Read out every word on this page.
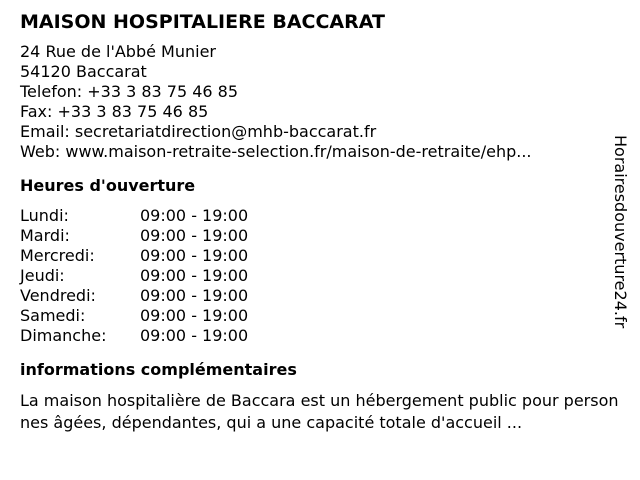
MAISON HOSPITALIERE BACCARAT
24 Rue de l'Abbé Munier
54120 Baccarat
Telefon: +33 3 83 75 46 85
Fax: +33 3 83 75 46 85
Email: secretariatdirection@mhb-baccarat.fr
Web: www.maison-retraite-selection.fr/maison-de-retraite/ehp...
Heures d'ouverture
Lundi:	09:00 - 19:00
Mardi:	09:00 - 19:00
Mercredi:	09:00 - 19:00
Jeudi:	09:00 - 19:00
Vendredi:	09:00 - 19:00
Samedi:	09:00 - 19:00
Dimanche:	09:00 - 19:00
informations complémentaires
La maison hospitalière de Baccara est un hébergement public pour personnes âgées, dépendantes, qui a une capacité totale d'accueil ...
Horairesdouverture24.fr
